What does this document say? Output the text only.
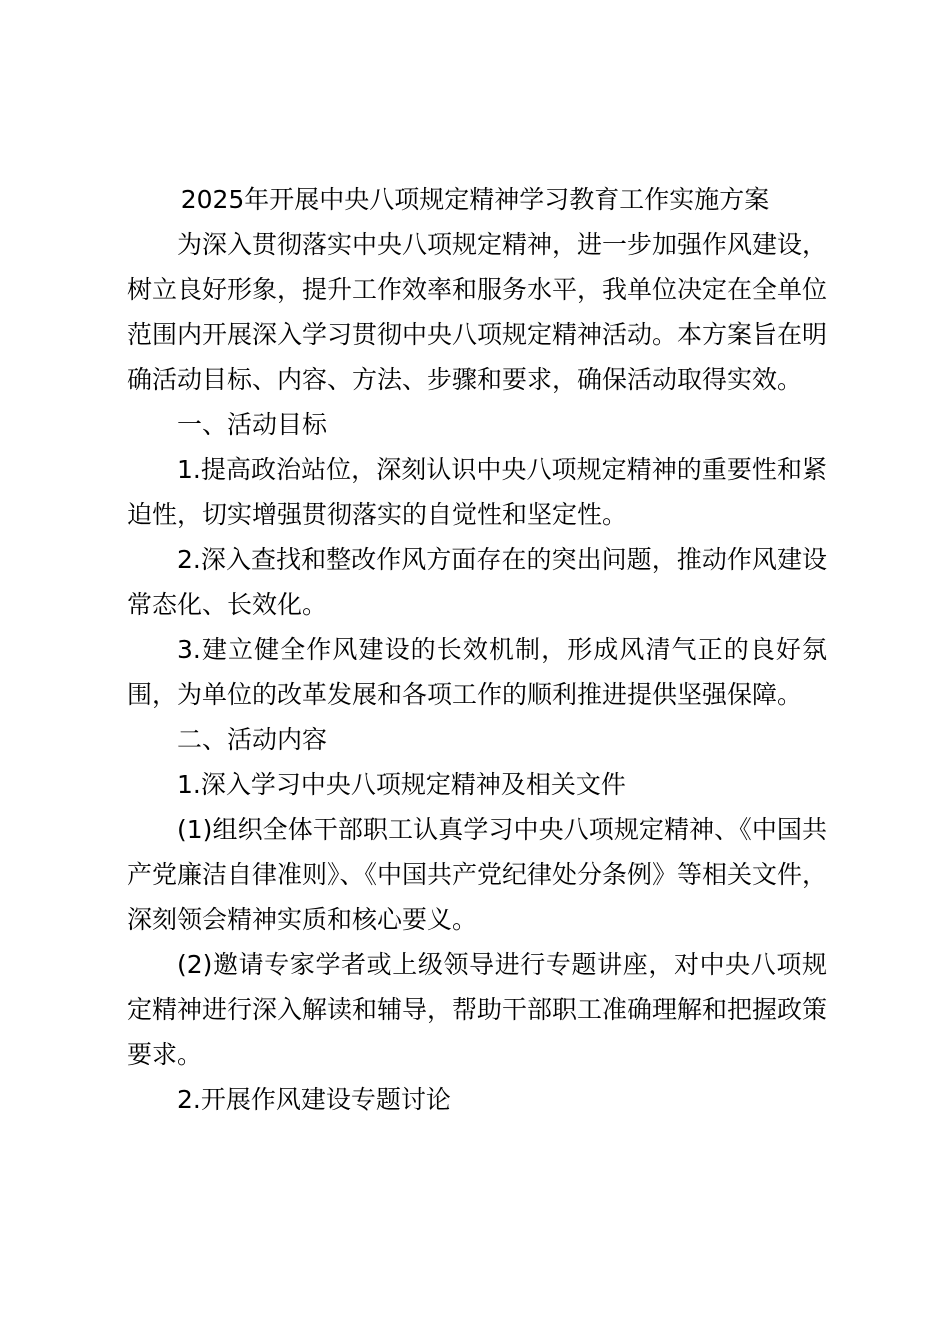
2025年开展中央八项规定精神学习教育工作实施方案

为深入贯彻落实中央八项规定精神，进一步加强作风建设，树立良好形象，提升工作效率和服务水平，我单位决定在全单位范围内开展深入学习贯彻中央八项规定精神活动。本方案旨在明确活动目标、内容、方法、步骤和要求，确保活动取得实效。

一、活动目标

1.提高政治站位，深刻认识中央八项规定精神的重要性和紧迫性，切实增强贯彻落实的自觉性和坚定性。

2.深入查找和整改作风方面存在的突出问题，推动作风建设常态化、长效化。

3.建立健全作风建设的长效机制，形成风清气正的良好氛围，为单位的改革发展和各项工作的顺利推进提供坚强保障。

二、活动内容

1.深入学习中央八项规定精神及相关文件

(1)组织全体干部职工认真学习中央八项规定精神、《中国共产党廉洁自律准则》、《中国共产党纪律处分条例》等相关文件，深刻领会精神实质和核心要义。

(2)邀请专家学者或上级领导进行专题讲座，对中央八项规定精神进行深入解读和辅导，帮助干部职工准确理解和把握政策要求。

2.开展作风建设专题讨论
